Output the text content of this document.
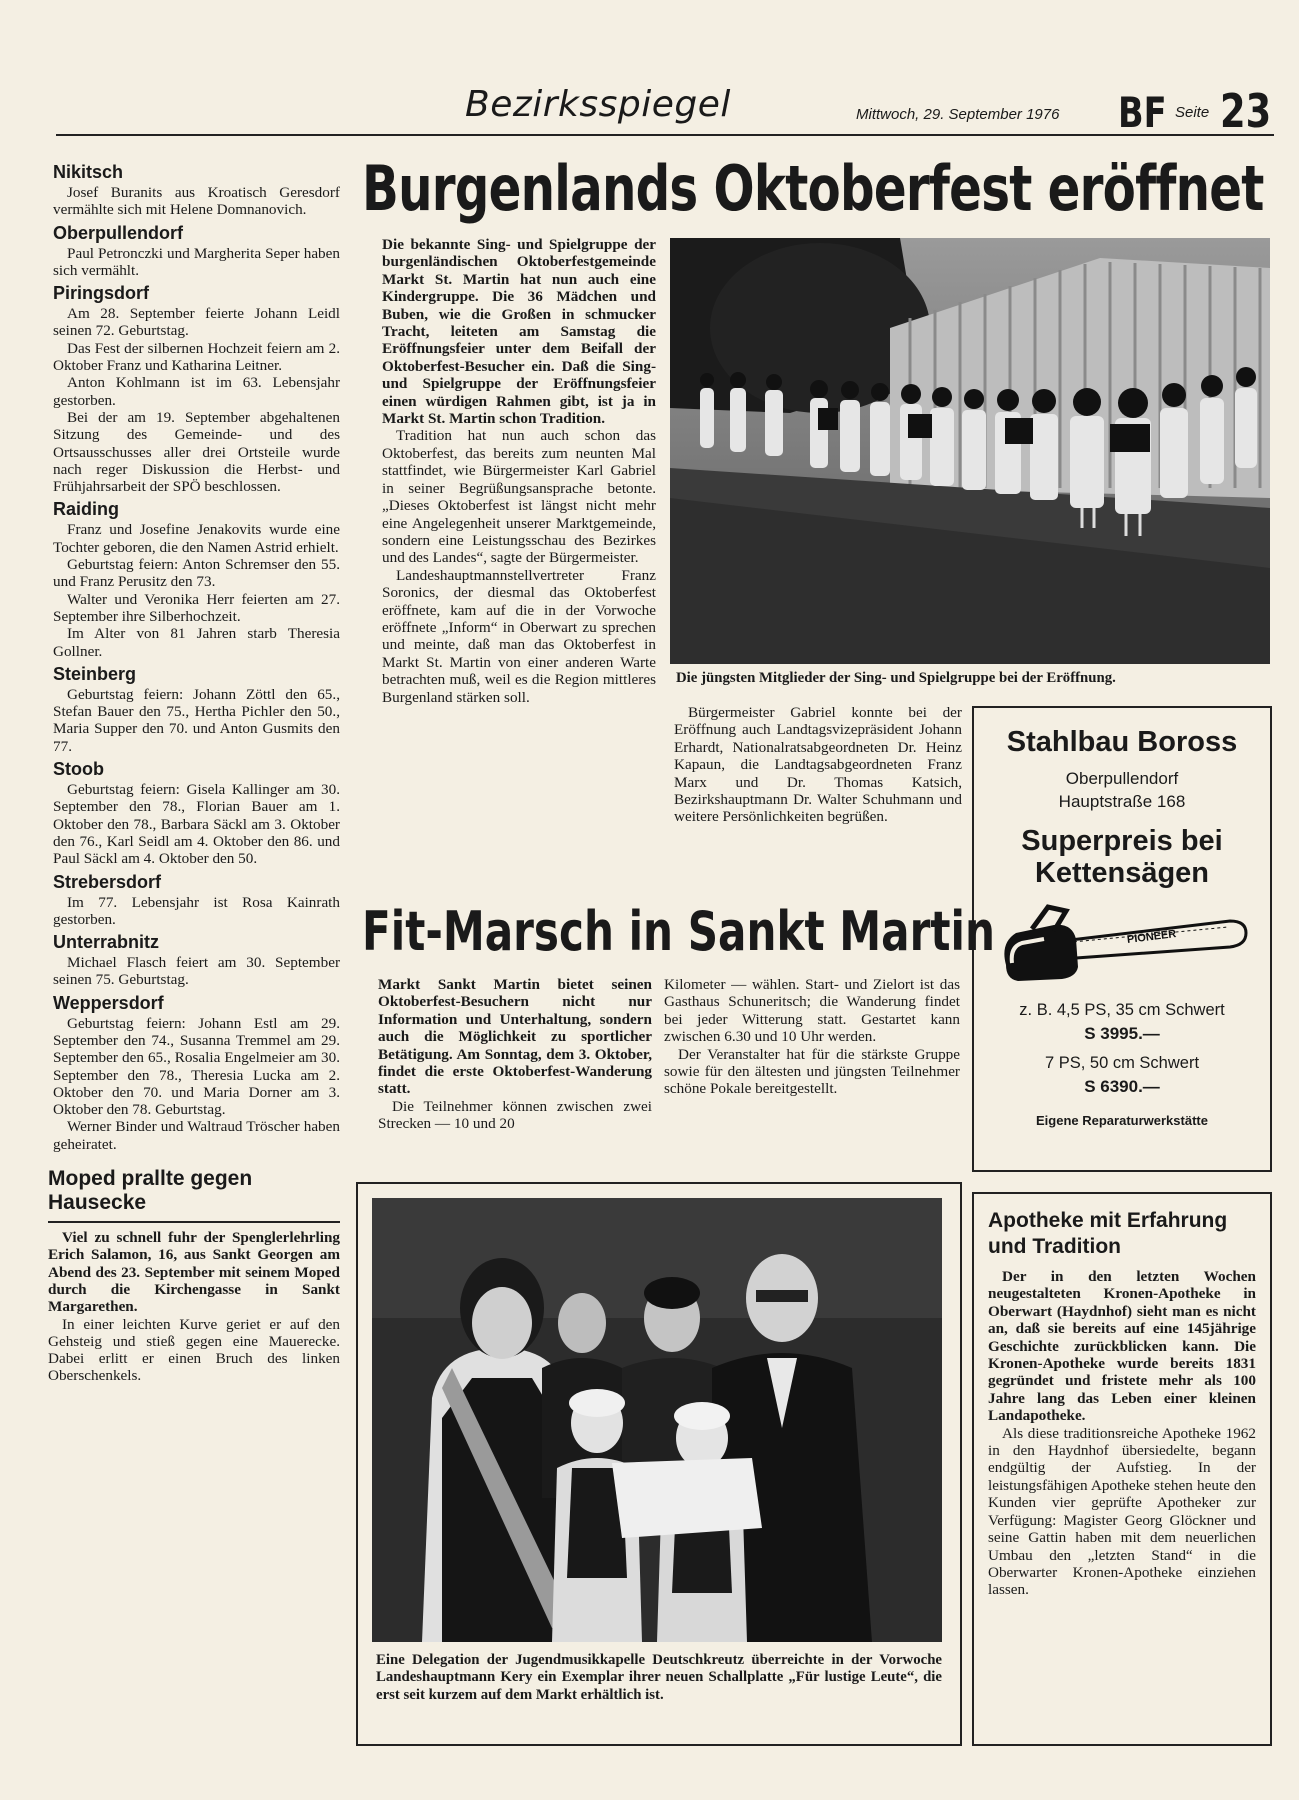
Bezirksspiegel	Mittwoch, 29. September 1976 BF Seite 23
Nikitsch

Josef Buranits aus Kroatisch Geresdorf vermählte sich mit Helene Domnanovich.

Oberpullendorf

Paul Petronczki und Margherita Seper haben sich vermählt.

Piringsdorf

Am 28. September feierte Johann Leidl seinen 72. Geburtstag.

Das Fest der silbernen Hochzeit feiern am 2. Oktober Franz und Katharina Leitner.

Anton Kohlmann ist im 63. Lebensjahr gestorben.

Bei der am 19. September abgehaltenen Sitzung des Gemeinde- und des Ortsausschusses aller drei Ortsteile wurde nach reger Diskussion die Herbst- und Frühjahrsarbeit der SPÖ beschlossen.

Raiding

Franz und Josefine Jenakovits wurde eine Tochter geboren, die den Namen Astrid erhielt.

Geburtstag feiern: Anton Schremser den 55. und Franz Perusitz den 73.

Walter und Veronika Herr feierten am 27. September ihre Silberhochzeit.

Im Alter von 81 Jahren starb Theresia Gollner.

Steinberg

Geburtstag feiern: Johann Zöttl den 65., Stefan Bauer den 75., Hertha Pichler den 50., Maria Supper den 70. und Anton Gusmits den 77.

Stoob

Geburtstag feiern: Gisela Kallinger am 30. September den 78., Florian Bauer am 1. Oktober den 78., Barbara Säckl am 3. Oktober den 76., Karl Seidl am 4. Oktober den 86. und Paul Säckl am 4. Oktober den 50.

Strebersdorf

Im 77. Lebensjahr ist Rosa Kainrath gestorben.

Unterrabnitz

Michael Flasch feiert am 30. September seinen 75. Geburtstag.

Weppersdorf

Geburtstag feiern: Johann Estl am 29. September den 74., Susanna Tremmel am 29. September den 65., Rosalia Engelmeier am 30. September den 78., Theresia Lucka am 2. Oktober den 70. und Maria Dorner am 3. Oktober den 78. Geburtstag.

Werner Binder und Waltraud Tröscher haben geheiratet.

Moped prallte gegen Hausecke

Viel zu schnell fuhr der Spenglerlehrling Erich Salamon, 16, aus Sankt Georgen am Abend des 23. September mit seinem Moped durch die Kirchengasse in Sankt Margarethen.

In einer leichten Kurve geriet er auf den Gehsteig und stieß gegen eine Mauerecke. Dabei erlitt er einen Bruch des linken Oberschenkels.

Burgenlands Oktoberfest eröffnet

Die bekannte Sing- und Spielgruppe der burgenländischen Oktoberfestgemeinde Markt St. Martin hat nun auch eine Kindergruppe. Die 36 Mädchen und Buben, wie die Großen in schmucker Tracht, leiteten am Samstag die Eröffnungsfeier unter dem Beifall der Oktoberfest-Besucher ein. Daß die Sing- und Spielgruppe der Eröffnungsfeier einen würdigen Rahmen gibt, ist ja in Markt St. Martin schon Tradition.

Tradition hat nun auch schon das Oktoberfest, das bereits zum neunten Mal stattfindet, wie Bürgermeister Karl Gabriel in seiner Begrüßungsansprache betonte. „Dieses Oktoberfest ist längst nicht mehr eine Angelegenheit unserer Marktgemeinde, sondern eine Leistungsschau des Bezirkes und des Landes“, sagte der Bürgermeister.

Landeshauptmannstellvertreter Franz Soronics, der diesmal das Oktoberfest eröffnete, kam auf die in der Vorwoche eröffnete „Inform“ in Oberwart zu sprechen und meinte, daß man das Oktoberfest in Markt St. Martin von einer anderen Warte betrachten muß, weil es die Region mittleres Burgenland stärken soll.

Die jüngsten Mitglieder der Sing- und Spielgruppe bei der Eröffnung.

Bürgermeister Gabriel konnte bei der Eröffnung auch Landtagsvizepräsident Johann Erhardt, Nationalratsabgeordneten Dr. Heinz Kapaun, die Landtagsabgeordneten Franz Marx und Dr. Thomas Katsich, Bezirkshauptmann Dr. Walter Schuhmann und weitere Persönlichkeiten begrüßen.

Stahlbau Boross
Oberpullendorf
Hauptstraße 168
Superpreis bei
Kettensägen
PIONEER
z. B. 4,5 PS, 35 cm Schwert
S 3995.—
7 PS, 50 cm Schwert
S 6390.—
Eigene Reparaturwerkstätte
Fit-Marsch in Sankt Martin

Markt Sankt Martin bietet seinen Oktoberfest-Besuchern nicht nur Information und Unterhaltung, sondern auch die Möglichkeit zu sportlicher Betätigung. Am Sonntag, dem 3. Oktober, findet die erste Oktoberfest-Wanderung statt.

Die Teilnehmer können zwischen zwei Strecken — 10 und 20

Kilometer — wählen. Start- und Zielort ist das Gasthaus Schuneritsch; die Wanderung findet bei jeder Witterung statt. Gestartet kann zwischen 6.30 und 10 Uhr werden.

Der Veranstalter hat für die stärkste Gruppe sowie für den ältesten und jüngsten Teilnehmer schöne Pokale bereitgestellt.

Eine Delegation der Jugendmusikkapelle Deutschkreutz überreichte in der Vorwoche Landeshauptmann Kery ein Exemplar ihrer neuen Schallplatte „Für lustige Leute“, die erst seit kurzem auf dem Markt erhältlich ist.
Apotheke mit Erfahrung und Tradition

Der in den letzten Wochen neugestalteten Kronen-Apotheke in Oberwart (Haydnhof) sieht man es nicht an, daß sie bereits auf eine 145jährige Geschichte zurückblicken kann. Die Kronen-Apotheke wurde bereits 1831 gegründet und fristete mehr als 100 Jahre lang das Leben einer kleinen Landapotheke.

Als diese traditionsreiche Apotheke 1962 in den Haydnhof übersiedelte, begann endgültig der Aufstieg. In der leistungsfähigen Apotheke stehen heute den Kunden vier geprüfte Apotheker zur Verfügung: Magister Georg Glöckner und seine Gattin haben mit dem neuerlichen Umbau den „letzten Stand“ in die Oberwarter Kronen-Apotheke einziehen lassen.
